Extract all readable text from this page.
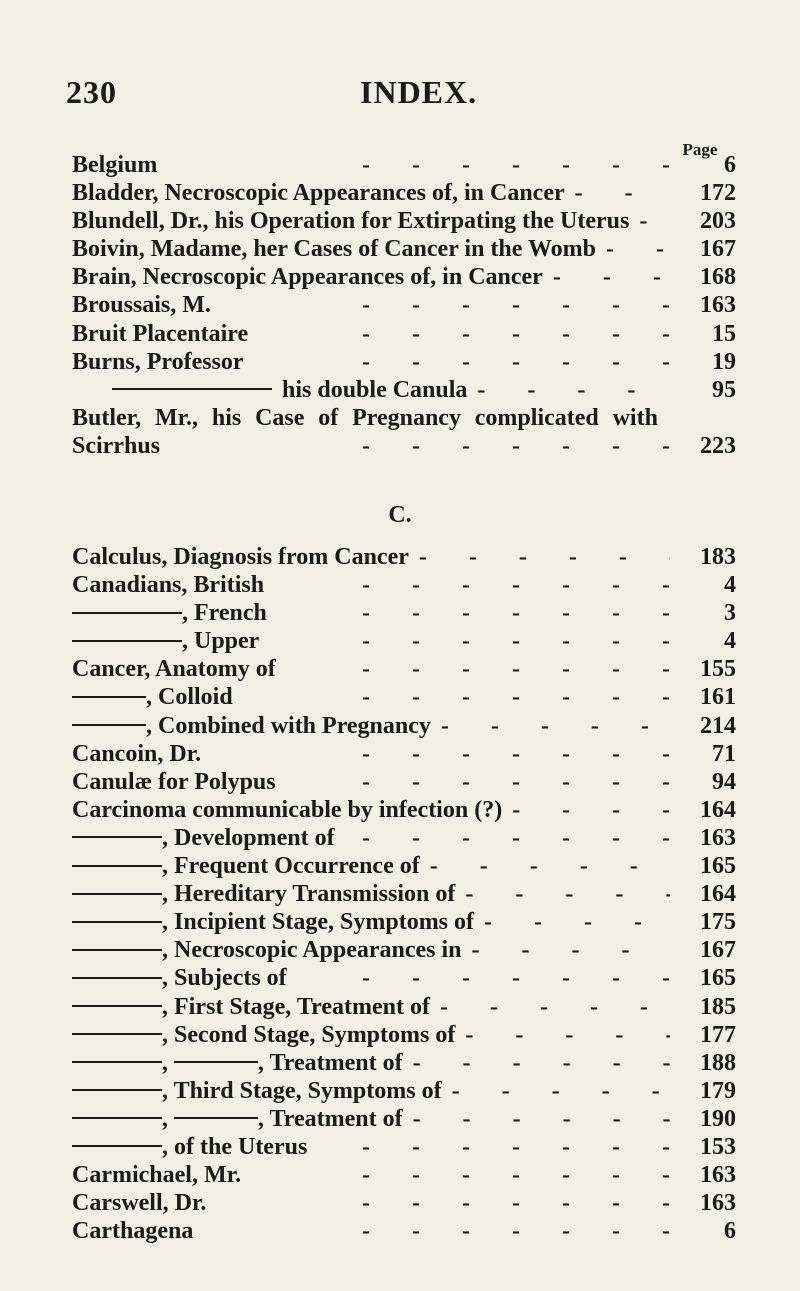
230	INDEX.
Page
Belgium -	6
Bladder, Necroscopic Appearances of, in Cancer -	172
Blundell, Dr., his Operation for Extirpating the Uterus -	203
Boivin, Madame, her Cases of Cancer in the Womb -	167
Brain, Necroscopic Appearances of, in Cancer -	168
Broussais, M. -	163
Bruit Placentaire -	15
Burns, Professor -	19
his double Canula -	95
Butler, Mr., his Case of Pregnancy complicated with
Scirrhus -	223
C.
Calculus, Diagnosis from Cancer -	183
Canadians, British -	4
, French -	3
, Upper -	4
Cancer, Anatomy of -	155
, Colloid -	161
, Combined with Pregnancy -	214
Cancoin, Dr. -	71
Canulæ for Polypus -	94
Carcinoma communicable by infection (?) -	164
, Development of -	163
, Frequent Occurrence of -	165
, Hereditary Transmission of -	164
, Incipient Stage, Symptoms of -	175
, Necroscopic Appearances in -	167
, Subjects of -	165
, First Stage, Treatment of -	185
, Second Stage, Symptoms of -	177
,	, Treatment of -	188
, Third Stage, Symptoms of -	179
,	, Treatment of -	190
, of the Uterus -	153
Carmichael, Mr. -	163
Carswell, Dr. -	163
Carthagena -	6
